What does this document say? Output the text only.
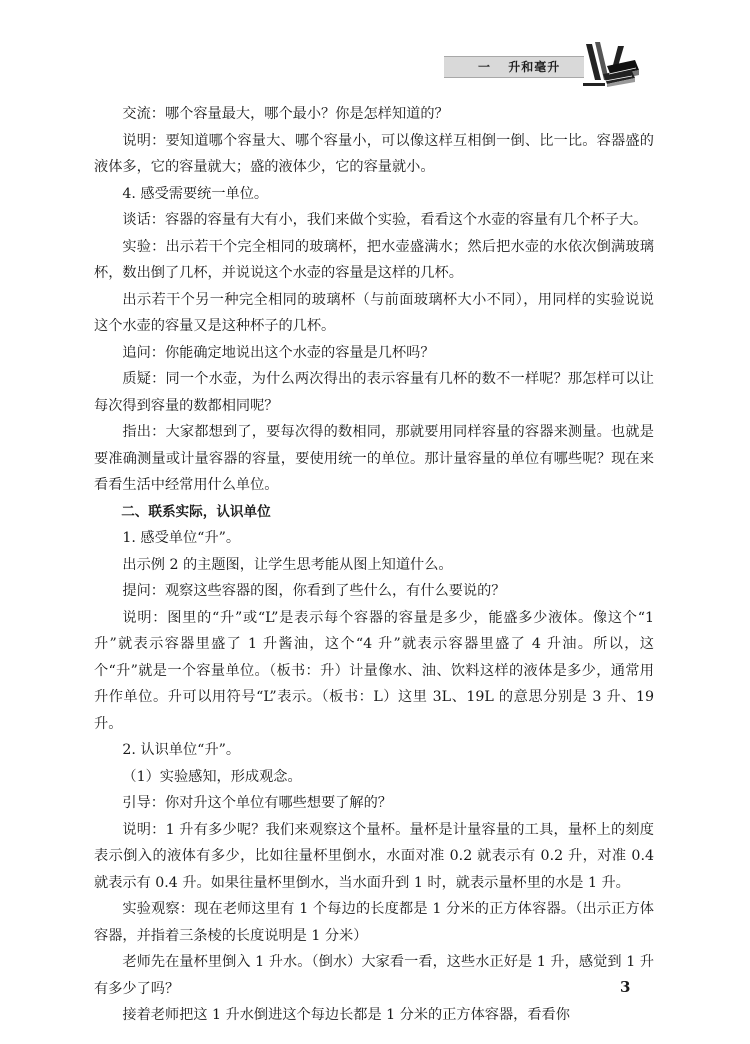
一 升和毫升

交流：哪个容量最大，哪个最小？你是怎样知道的？

说明：要知道哪个容量大、哪个容量小，可以像这样互相倒一倒、比一比。容器盛的液体多，它的容量就大；盛的液体少，它的容量就小。

4. 感受需要统一单位。

谈话：容器的容量有大有小，我们来做个实验，看看这个水壶的容量有几个杯子大。

实验：出示若干个完全相同的玻璃杯，把水壶盛满水；然后把水壶的水依次倒满玻璃杯，数出倒了几杯，并说说这个水壶的容量是这样的几杯。

出示若干个另一种完全相同的玻璃杯（与前面玻璃杯大小不同），用同样的实验说说这个水壶的容量又是这种杯子的几杯。

追问：你能确定地说出这个水壶的容量是几杯吗？

质疑：同一个水壶，为什么两次得出的表示容量有几杯的数不一样呢？那怎样可以让每次得到容量的数都相同呢？

指出：大家都想到了，要每次得的数相同，那就要用同样容量的容器来测量。也就是要准确测量或计量容器的容量，要使用统一的单位。那计量容量的单位有哪些呢？现在来看看生活中经常用什么单位。

二、联系实际，认识单位

1. 感受单位“升”。

出示例 2 的主题图，让学生思考能从图上知道什么。

提问：观察这些容器的图，你看到了些什么，有什么要说的？

说明：图里的“升”或“L”是表示每个容器的容量是多少，能盛多少液体。像这个“1 升”就表示容器里盛了 1 升酱油，这个“4 升”就表示容器里盛了 4 升油。所以，这个“升”就是一个容量单位。（板书：升）计量像水、油、饮料这样的液体是多少，通常用升作单位。升可以用符号“L”表示。（板书：L）这里 3L、19L 的意思分别是 3 升、19 升。

2. 认识单位“升”。

（1）实验感知，形成观念。

引导：你对升这个单位有哪些想要了解的？

说明：1 升有多少呢？我们来观察这个量杯。量杯是计量容量的工具，量杯上的刻度表示倒入的液体有多少，比如往量杯里倒水，水面对准 0.2 就表示有 0.2 升，对准 0.4 就表示有 0.4 升。如果往量杯里倒水，当水面升到 1 时，就表示量杯里的水是 1 升。

实验观察：现在老师这里有 1 个每边的长度都是 1 分米的正方体容器。（出示正方体容器，并指着三条棱的长度说明是 1 分米）

老师先在量杯里倒入 1 升水。（倒水）大家看一看，这些水正好是 1 升，感觉到 1 升有多少了吗？

接着老师把这 1 升水倒进这个每边长都是 1 分米的正方体容器，看看你

3
